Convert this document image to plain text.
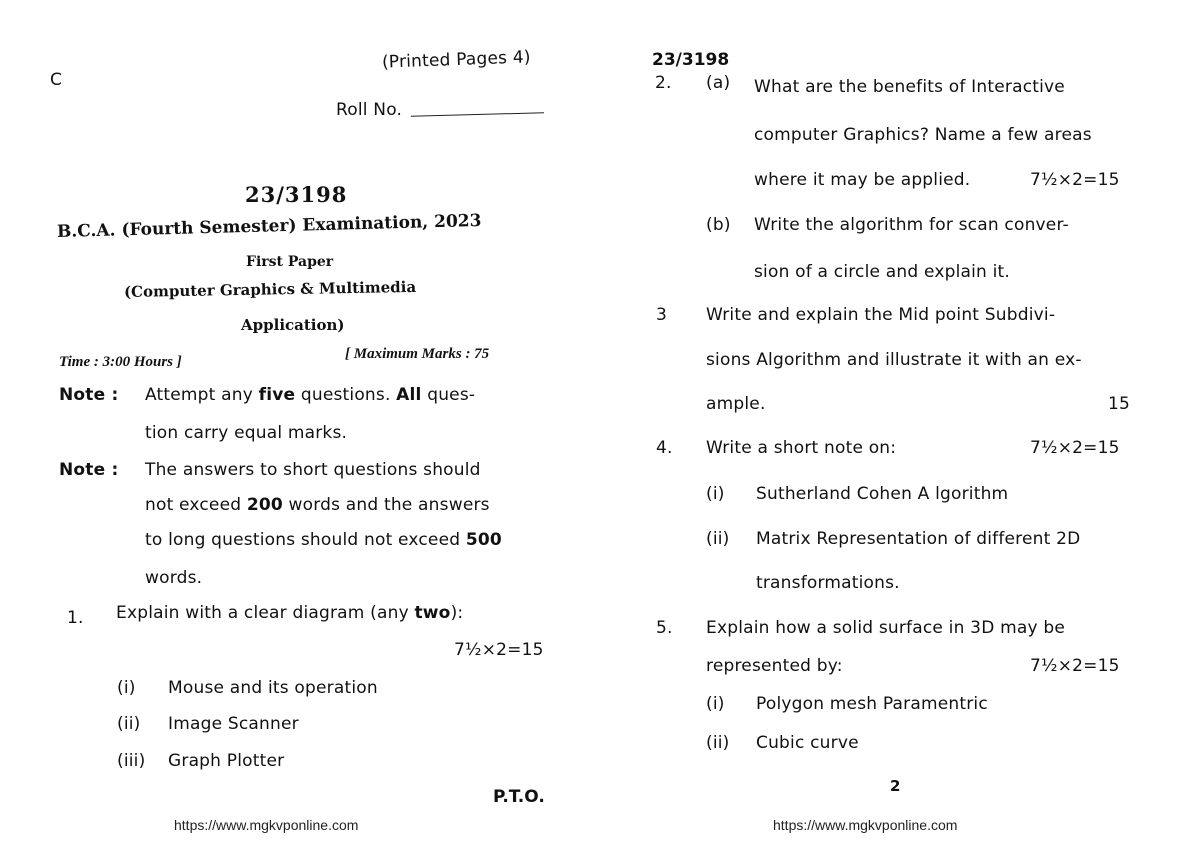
C
(Printed Pages 4)
Roll No.
23/3198
B.C.A. (Fourth Semester) Examination, 2023
First Paper
(Computer Graphics & Multimedia
Application)
Time : 3:00 Hours ]	[ Maximum Marks : 75
Note : Attempt any five questions. All ques-
tion carry equal marks.
Note : The answers to short questions should
not exceed 200 words and the answers
to long questions should not exceed 500
words.
1. Explain with a clear diagram (any two):
7½×2=15
(i) Mouse and its operation
(ii) Image Scanner
(iii) Graph Plotter
P.T.O.
https://www.mgkvponline.com
23/3198
2. (a) What are the benefits of Interactive
computer Graphics? Name a few areas
where it may be applied.	7½×2=15
(b) Write the algorithm for scan conver-
sion of a circle and explain it.
3 Write and explain the Mid point Subdivi-
sions Algorithm and illustrate it with an ex-
ample.	15
4. Write a short note on:	7½×2=15
(i) Sutherland Cohen A lgorithm
(ii) Matrix Representation of different 2D
transformations.
5. Explain how a solid surface in 3D may be
represented by:	7½×2=15
(i) Polygon mesh Paramentric
(ii) Cubic curve
2
https://www.mgkvponline.com
